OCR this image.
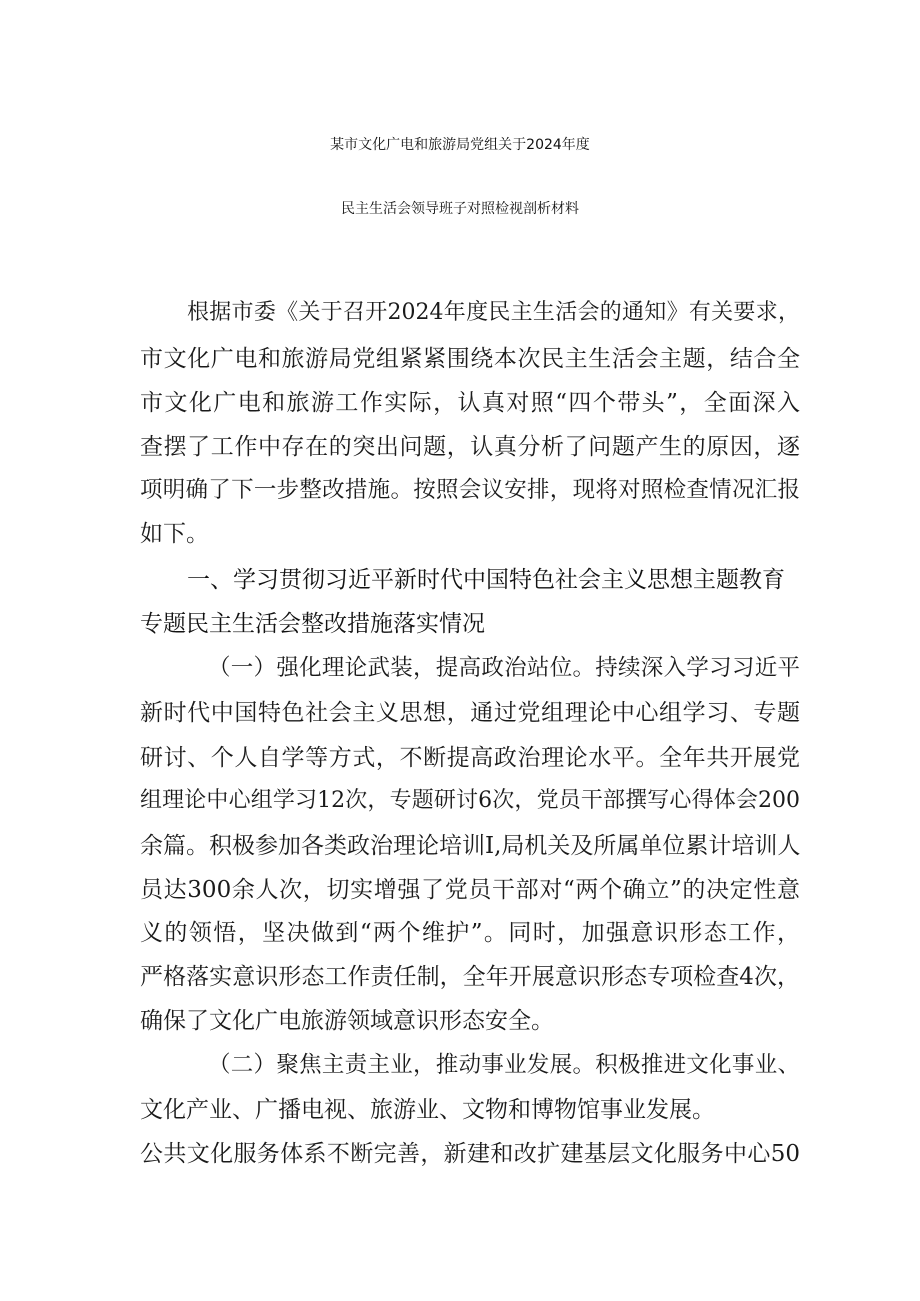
某市文化广电和旅游局党组关于2024年度
民主生活会领导班子对照检视剖析材料
根据市委《关于召开2024年度民主生活会的通知》有关要求，
市文化广电和旅游局党组紧紧围绕本次民主生活会主题，结合全
市文化广电和旅游工作实际，认真对照“四个带头”，全面深入
查摆了工作中存在的突出问题，认真分析了问题产生的原因，逐
项明确了下一步整改措施。按照会议安排，现将对照检查情况汇报
如下。
一、学习贯彻习近平新时代中国特色社会主义思想主题教育
专题民主生活会整改措施落实情况
（一）强化理论武装，提高政治站位。持续深入学习习近平
新时代中国特色社会主义思想，通过党组理论中心组学习、专题
研讨、个人自学等方式，不断提高政治理论水平。全年共开展党
组理论中心组学习12次，专题研讨6次，党员干部撰写心得体会200
余篇。积极参加各类政治理论培训I,局机关及所属单位累计培训人
员达300余人次，切实增强了党员干部对“两个确立”的决定性意
义的领悟，坚决做到“两个维护”。同时，加强意识形态工作，
严格落实意识形态工作责任制，全年开展意识形态专项检查4次，
确保了文化广电旅游领域意识形态安全。
（二）聚焦主责主业，推动事业发展。积极推进文化事业、
文化产业、广播电视、旅游业、文物和博物馆事业发展。
公共文化服务体系不断完善，新建和改扩建基层文化服务中心50
